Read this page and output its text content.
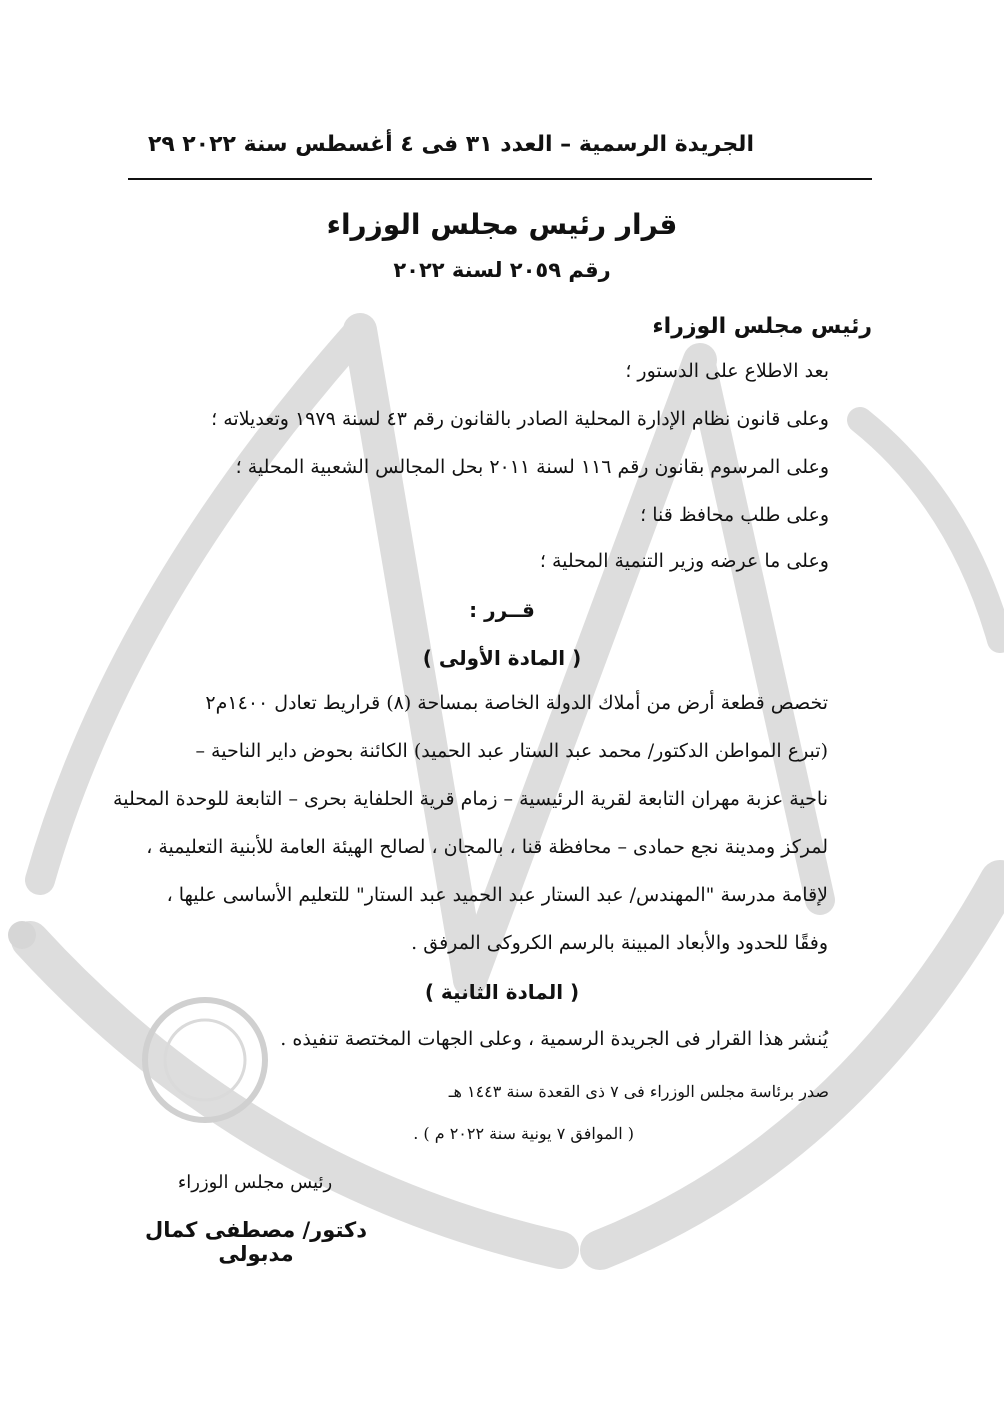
الجريدة الرسمية – العدد ٣١ فى ٤ أغسطس سنة ٢٠٢٢
٢٩
قرار رئيس مجلس الوزراء
رقم ٢٠٥٩ لسنة ٢٠٢٢
رئيس مجلس الوزراء
بعد الاطلاع على الدستور ؛
وعلى قانون نظام الإدارة المحلية الصادر بالقانون رقم ٤٣ لسنة ١٩٧٩ وتعديلاته ؛
وعلى المرسوم بقانون رقم ١١٦ لسنة ٢٠١١ بحل المجالس الشعبية المحلية ؛
وعلى طلب محافظ قنا ؛
وعلى ما عرضه وزير التنمية المحلية ؛
قــرر :
( المادة الأولى )
تخصص قطعة أرض من أملاك الدولة الخاصة بمساحة (٨) قراريط تعادل ١٤٠٠م٢
(تبرع المواطن الدكتور/ محمد عبد الستار عبد الحميد) الكائنة بحوض داير الناحية –
ناحية عزبة مهران التابعة لقرية الرئيسية – زمام قرية الحلفاية بحرى – التابعة للوحدة المحلية
لمركز ومدينة نجع حمادى – محافظة قنا ، بالمجان ، لصالح الهيئة العامة للأبنية التعليمية ،
لإقامة مدرسة "المهندس/ عبد الستار عبد الحميد عبد الستار" للتعليم الأساسى عليها ،
وفقًا للحدود والأبعاد المبينة بالرسم الكروكى المرفق .
( المادة الثانية )
يُنشر هذا القرار فى الجريدة الرسمية ، وعلى الجهات المختصة تنفيذه .
صدر برئاسة مجلس الوزراء فى ٧ ذى القعدة سنة ١٤٤٣ هـ
( الموافق ٧ يونية سنة ٢٠٢٢ م ) .
رئيس مجلس الوزراء
دكتور/ مصطفى كمال مدبولى
